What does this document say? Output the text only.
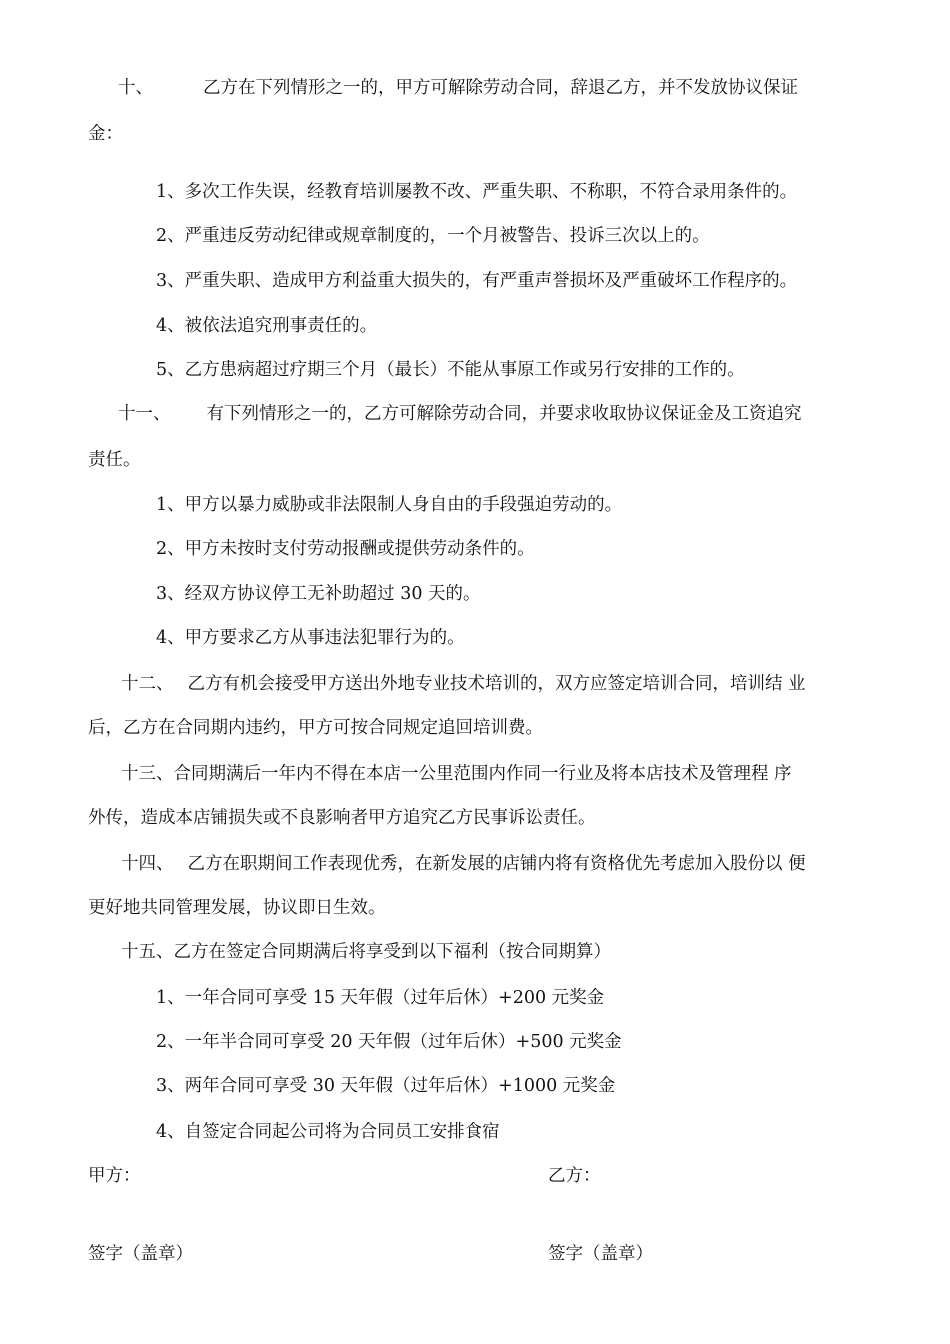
十、	乙方在下列情形之一的，甲方可解除劳动合同，辞退乙方，并不发放协议保证
金：
1、多次工作失误，经教育培训屡教不改、严重失职、不称职，不符合录用条件的。
2、严重违反劳动纪律或规章制度的，一个月被警告、投诉三次以上的。
3、严重失职、造成甲方利益重大损失的，有严重声誉损坏及严重破坏工作程序的。
4、被依法追究刑事责任的。
5、乙方患病超过疗期三个月（最长）不能从事原工作或另行安排的工作的。
十一、 有下列情形之一的，乙方可解除劳动合同，并要求收取协议保证金及工资追究
责任。
1、甲方以暴力威胁或非法限制人身自由的手段强迫劳动的。
2、甲方未按时支付劳动报酬或提供劳动条件的。
3、经双方协议停工无补助超过 30 天的。
4、甲方要求乙方从事违法犯罪行为的。
十二、 乙方有机会接受甲方送出外地专业技术培训的，双方应签定培训合同，培训结 业
后，乙方在合同期内违约，甲方可按合同规定追回培训费。
十三、合同期满后一年内不得在本店一公里范围内作同一行业及将本店技术及管理程 序
外传，造成本店铺损失或不良影响者甲方追究乙方民事诉讼责任。
十四、 乙方在职期间工作表现优秀，在新发展的店铺内将有资格优先考虑加入股份以 便
更好地共同管理发展，协议即日生效。
十五、乙方在签定合同期满后将享受到以下福利（按合同期算）
1、一年合同可享受 15 天年假（过年后休）+200 元奖金
2、一年半合同可享受 20 天年假（过年后休）+500 元奖金
3、两年合同可享受 30 天年假（过年后休）+1000 元奖金
4、自签定合同起公司将为合同员工安排食宿
甲方：	乙方：
签字（盖章）	签字（盖章）
